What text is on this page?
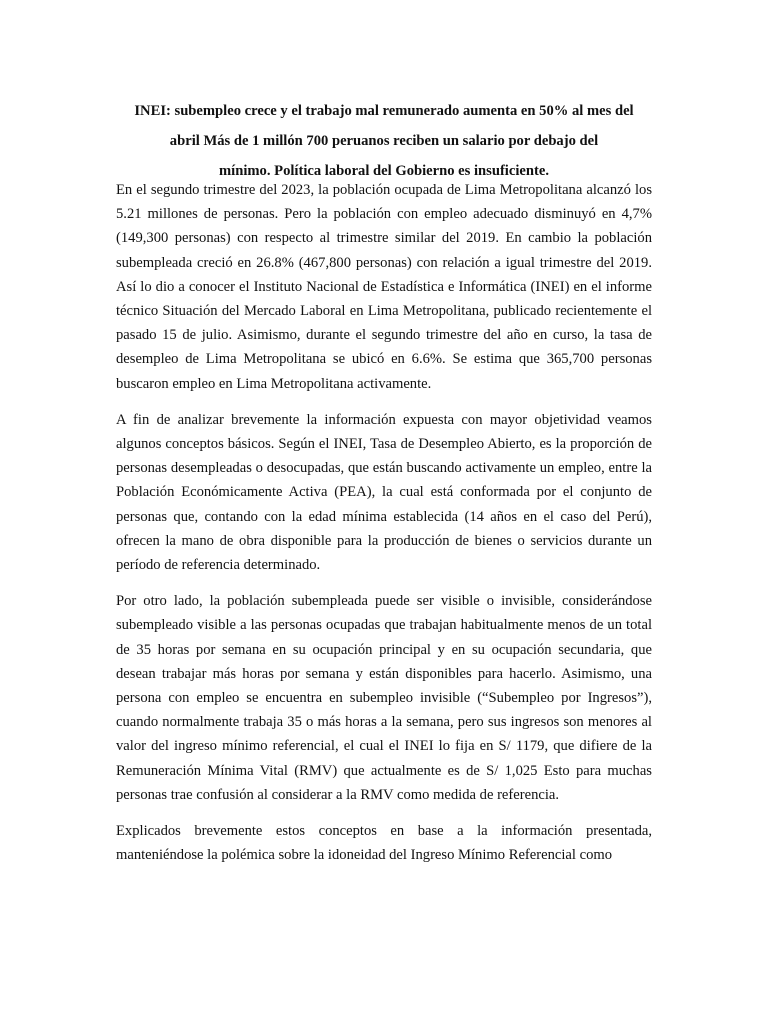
INEI: subempleo crece y el trabajo mal remunerado aumenta en 50% al mes del
abril Más de 1 millón 700 peruanos reciben un salario por debajo del
mínimo. Política laboral del Gobierno es insuficiente.

En el segundo trimestre del 2023, la población ocupada de Lima Metropolitana alcanzó los 5.21 millones de personas. Pero la población con empleo adecuado disminuyó en 4,7% (149,300 personas) con respecto al trimestre similar del 2019. En cambio la población subempleada creció en 26.8% (467,800 personas) con relación a igual trimestre del 2019. Así lo dio a conocer el Instituto Nacional de Estadística e Informática (INEI) en el informe técnico Situación del Mercado Laboral en Lima Metropolitana, publicado recientemente el pasado 15 de julio. Asimismo, durante el segundo trimestre del año en curso, la tasa de desempleo de Lima Metropolitana se ubicó en 6.6%. Se estima que 365,700 personas buscaron empleo en Lima Metropolitana activamente.

A fin de analizar brevemente la información expuesta con mayor objetividad veamos algunos conceptos básicos. Según el INEI, Tasa de Desempleo Abierto, es la proporción de personas desempleadas o desocupadas, que están buscando activamente un empleo, entre la Población Económicamente Activa (PEA), la cual está conformada por el conjunto de personas que, contando con la edad mínima establecida (14 años en el caso del Perú), ofrecen la mano de obra disponible para la producción de bienes o servicios durante un período de referencia determinado.

Por otro lado, la población subempleada puede ser visible o invisible, considerándose subempleado visible a las personas ocupadas que trabajan habitualmente menos de un total de 35 horas por semana en su ocupación principal y en su ocupación secundaria, que desean trabajar más horas por semana y están disponibles para hacerlo. Asimismo, una persona con empleo se encuentra en subempleo invisible (“Subempleo por Ingresos”), cuando normalmente trabaja 35 o más horas a la semana, pero sus ingresos son menores al valor del ingreso mínimo referencial, el cual el INEI lo fija en S/ 1179, que difiere de la Remuneración Mínima Vital (RMV) que actualmente es de S/ 1,025 Esto para muchas personas trae confusión al considerar a la RMV como medida de referencia.

Explicados brevemente estos conceptos en base a la información presentada, manteniéndose la polémica sobre la idoneidad del Ingreso Mínimo Referencial como
